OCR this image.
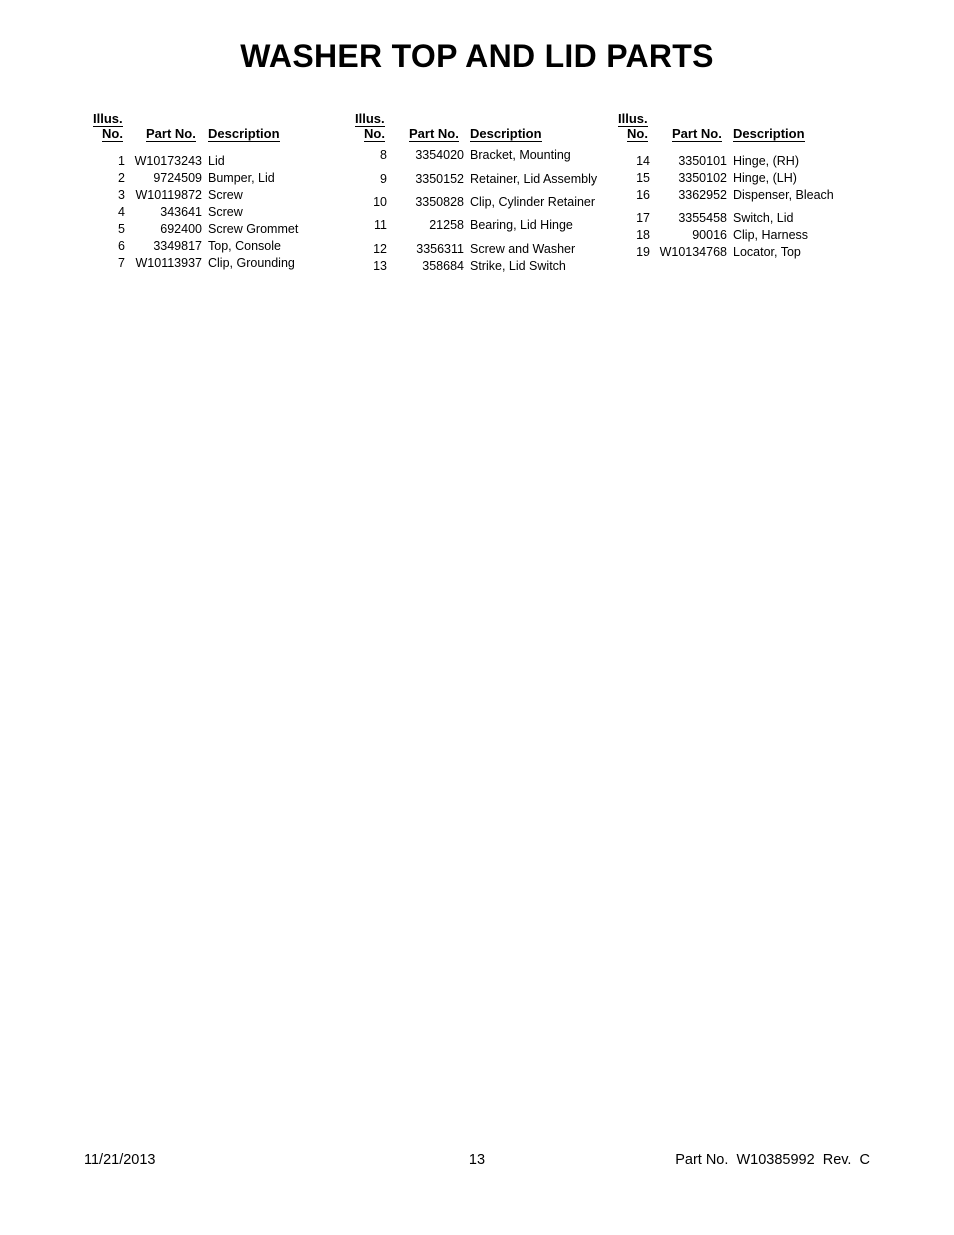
WASHER TOP AND LID PARTS
Illus.
No. Part No. Description
1 W10173243 Lid
2	9724509 Bumper, Lid
3 W10119872 Screw
4	343641 Screw
5	692400 Screw Grommet
6	3349817 Top, Console
7 W10113937 Clip, Grounding
Illus.
No. Part No. Description
8	3354020 Bracket, Mounting
9	3350152 Retainer, Lid Assembly
10	3350828 Clip, Cylinder Retainer
11	21258 Bearing, Lid Hinge
12	3356311 Screw and Washer
13	358684 Strike, Lid Switch
Illus.
No. Part No. Description
14	3350101 Hinge, (RH)
15	3350102 Hinge, (LH)
16	3362952 Dispenser, Bleach
17	3355458 Switch, Lid
18	90016 Clip, Harness
19 W10134768 Locator, Top
11/21/2013	13	Part No.  W10385992  Rev.  C
